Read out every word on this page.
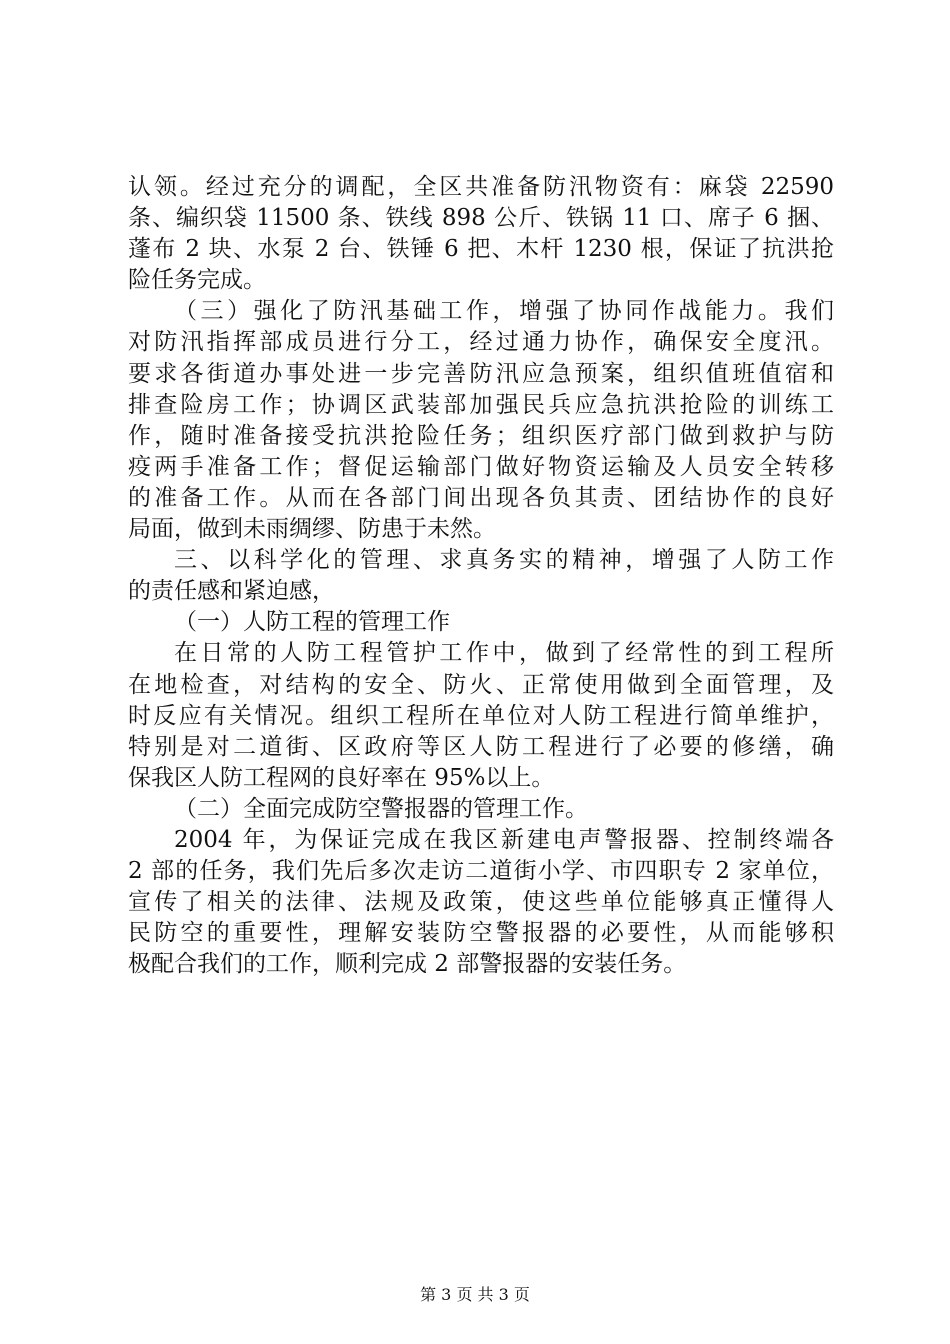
认领。经过充分的调配，全区共准备防汛物资有：麻袋 22590
条、编织袋 11500 条、铁线 898 公斤、铁锅 11 口、席子 6 捆、
蓬布 2 块、水泵 2 台、铁锤 6 把、木杆 1230 根，保证了抗洪抢
险任务完成。
（三）强化了防汛基础工作，增强了协同作战能力。我们
对防汛指挥部成员进行分工，经过通力协作，确保安全度汛。
要求各街道办事处进一步完善防汛应急预案，组织值班值宿和
排查险房工作；协调区武装部加强民兵应急抗洪抢险的训练工
作，随时准备接受抗洪抢险任务；组织医疗部门做到救护与防
疫两手准备工作；督促运输部门做好物资运输及人员安全转移
的准备工作。从而在各部门间出现各负其责、团结协作的良好
局面，做到未雨绸缪、防患于未然。
三、以科学化的管理、求真务实的精神，增强了人防工作
的责任感和紧迫感，
（一）人防工程的管理工作
在日常的人防工程管护工作中，做到了经常性的到工程所
在地检查，对结构的安全、防火、正常使用做到全面管理，及
时反应有关情况。组织工程所在单位对人防工程进行简单维护，
特别是对二道街、区政府等区人防工程进行了必要的修缮，确
保我区人防工程网的良好率在 95%以上。
（二）全面完成防空警报器的管理工作。
2004 年，为保证完成在我区新建电声警报器、控制终端各
2 部的任务，我们先后多次走访二道街小学、市四职专 2 家单位，
宣传了相关的法律、法规及政策，使这些单位能够真正懂得人
民防空的重要性，理解安装防空警报器的必要性，从而能够积
极配合我们的工作，顺利完成 2 部警报器的安装任务。
第 3 页 共 3 页
